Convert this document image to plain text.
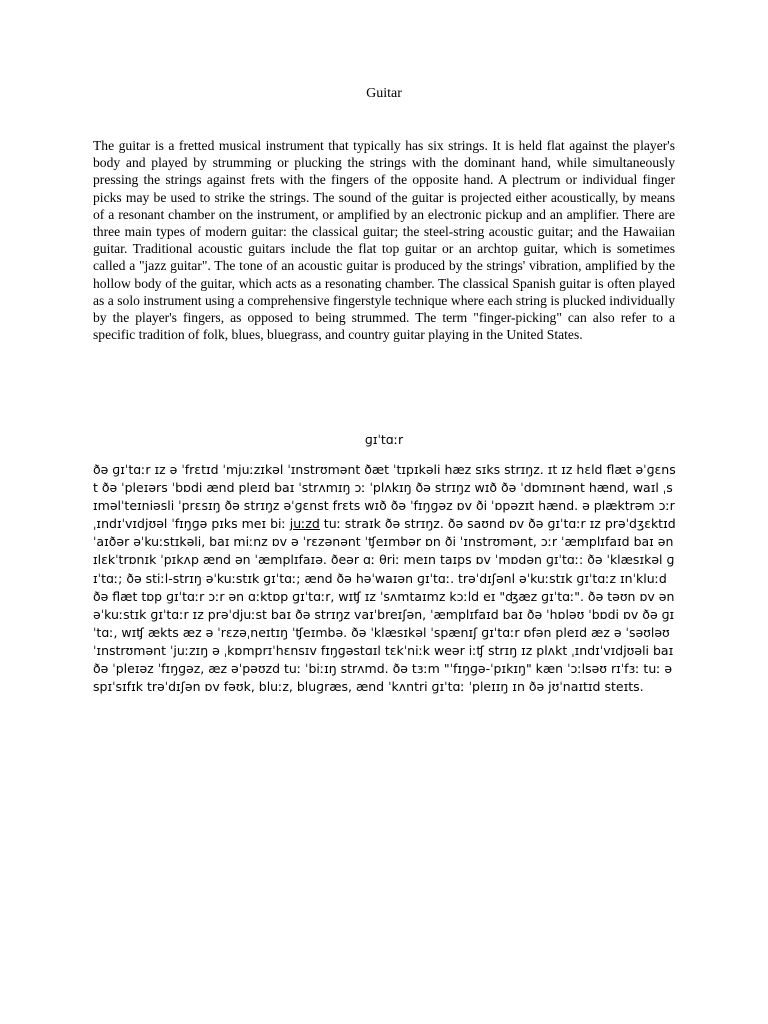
Guitar

The guitar is a fretted musical instrument that typically has six strings. It is held flat against the player's body and played by strumming or plucking the strings with the dominant hand, while simultaneously pressing the strings against frets with the fingers of the opposite hand. A plectrum or individual finger picks may be used to strike the strings. The sound of the guitar is projected either acoustically, by means of a resonant chamber on the instrument, or amplified by an electronic pickup and an amplifier. There are three main types of modern guitar: the classical guitar; the steel-string acoustic guitar; and the Hawaiian guitar. Traditional acoustic guitars include the flat top guitar or an archtop guitar, which is sometimes called a "jazz guitar". The tone of an acoustic guitar is produced by the strings' vibration, amplified by the hollow body of the guitar, which acts as a resonating chamber. The classical Spanish guitar is often played as a solo instrument using a comprehensive fingerstyle technique where each string is plucked individually by the player's fingers, as opposed to being strummed. The term "finger-picking" can also refer to a specific tradition of folk, blues, bluegrass, and country guitar playing in the United States.

ɡɪˈtɑːr

ðə ɡɪˈtɑːr ɪz ə ˈfrɛtɪd ˈmjuːzɪkəl ˈɪnstrʊmənt ðæt ˈtɪpɪkəli hæz sɪks strɪŋz. ɪt ɪz hɛld flæt əˈɡɛnst ðə ˈpleɪərs ˈbɒdi ænd pleɪd baɪ ˈstrʌmɪŋ ɔː ˈplʌkɪŋ ðə strɪŋz wɪð ðə ˈdɒmɪnənt hænd, waɪl ˌsɪməlˈteɪniəsli ˈprɛsɪŋ ðə strɪŋz əˈɡɛnst frɛts wɪð ðə ˈfɪŋɡəz ɒv ði ˈɒpəzɪt hænd. ə plæktrəm ɔːr ˌɪndɪˈvɪdjʊəl ˈfɪŋɡə pɪks meɪ biː juːzd tuː straɪk ðə strɪŋz. ðə saʊnd ɒv ðə ɡɪˈtɑːr ɪz prəˈdʒɛktɪd ˈaɪðər əˈkuːstɪkəli, baɪ miːnz ɒv ə ˈrɛzənənt ˈʧeɪmbər ɒn ði ˈɪnstrʊmənt, ɔːr ˈæmplɪfaɪd baɪ ən ɪlɛkˈtrɒnɪk ˈpɪkʌp ænd ən ˈæmplɪfaɪə. ðeər ɑː θriː meɪn taɪps ɒv ˈmɒdən ɡɪˈtɑː: ðə ˈklæsɪkəl ɡɪˈtɑː; ðə stiːl-strɪŋ əˈkuːstɪk ɡɪˈtɑː; ænd ðə həˈwaɪən ɡɪˈtɑː. trəˈdɪʃənl əˈkuːstɪk ɡɪˈtɑːz ɪnˈkluːd ðə flæt tɒp ɡɪˈtɑːr ɔːr ən ɑːktɒp ɡɪˈtɑːr, wɪʧ ɪz ˈsʌmtaɪmz kɔːld eɪ "ʤæz ɡɪˈtɑː". ðə təʊn ɒv ən əˈkuːstɪk ɡɪˈtɑːr ɪz prəˈdjuːst baɪ ðə strɪŋz vaɪˈbreɪʃən, ˈæmplɪfaɪd baɪ ðə ˈhɒləʊ ˈbɒdi ɒv ðə ɡɪˈtɑː, wɪʧ ækts æz ə ˈrɛzəˌneɪtɪŋ ˈʧeɪmbə. ðə ˈklæsɪkəl ˈspænɪʃ ɡɪˈtɑːr ɒfən pleɪd æz ə ˈsəʊləʊ ˈɪnstrʊmənt ˈjuːzɪŋ ə ˌkɒmprɪˈhɛnsɪv fɪŋɡəstɑɪl tɛkˈniːk weər iːʧ strɪŋ ɪz plʌkt ˌɪndɪˈvɪdjʊəli baɪ ðə ˈpleɪəz ˈfɪŋɡəz, æz əˈpəʊzd tuː ˈbiːɪŋ strʌmd. ðə tɜːm "ˈfɪŋɡə-ˈpɪkɪŋ" kæn ˈɔːlsəʊ rɪˈfɜː tuː ə spɪˈsɪfɪk trəˈdɪʃən ɒv fəʊk, bluːz, bluɡræs, ænd ˈkʌntri ɡɪˈtɑː ˈpleɪɪŋ ɪn ðə jʊˈnaɪtɪd steɪts.
